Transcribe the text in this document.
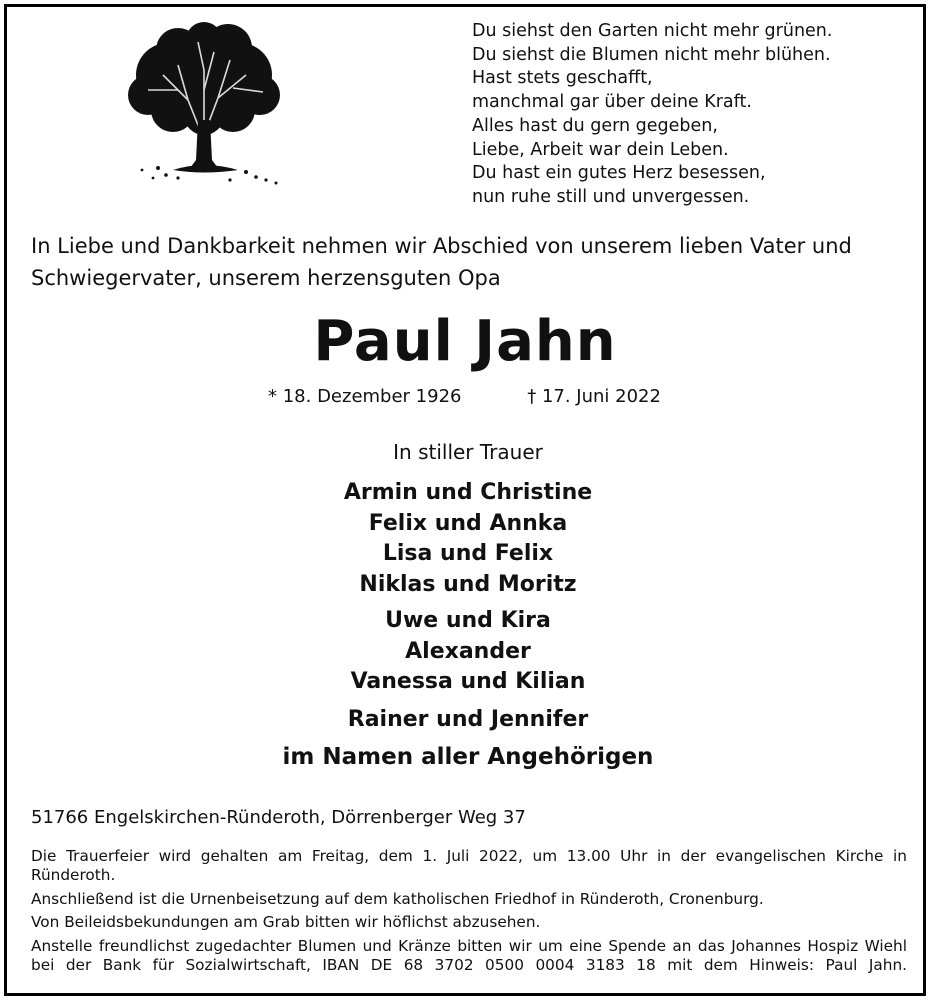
Du siehst den Garten nicht mehr grünen.
Du siehst die Blumen nicht mehr blühen.
Hast stets geschafft,
manchmal gar über deine Kraft.
Alles hast du gern gegeben,
Liebe, Arbeit war dein Leben.
Du hast ein gutes Herz besessen,
nun ruhe still und unvergessen.
In Liebe und Dankbarkeit nehmen wir Abschied von unserem lieben Vater und
Schwiegervater, unserem herzensguten Opa
Paul Jahn
* 18. Dezember 1926	† 17. Juni 2022
In stiller Trauer
Armin und Christine
Felix und Annka
Lisa und Felix
Niklas und Moritz
Uwe und Kira
Alexander
Vanessa und Kilian
Rainer und Jennifer
im Namen aller Angehörigen
51766 Engelskirchen-Ründeroth, Dörrenberger Weg 37

Die Trauerfeier wird gehalten am Freitag, dem 1. Juli 2022, um 13.00 Uhr in der evangelischen Kirche in Ründeroth.

Anschließend ist die Urnenbeisetzung auf dem katholischen Friedhof in Ründeroth, Cronenburg.

Von Beileidsbekundungen am Grab bitten wir höflichst abzusehen.

Anstelle freundlichst zugedachter Blumen und Kränze bitten wir um eine Spende an das Johannes Hospiz Wiehl bei der Bank für Sozialwirtschaft, IBAN DE 68 3702 0500 0004 3183 18 mit dem Hinweis: Paul Jahn.
